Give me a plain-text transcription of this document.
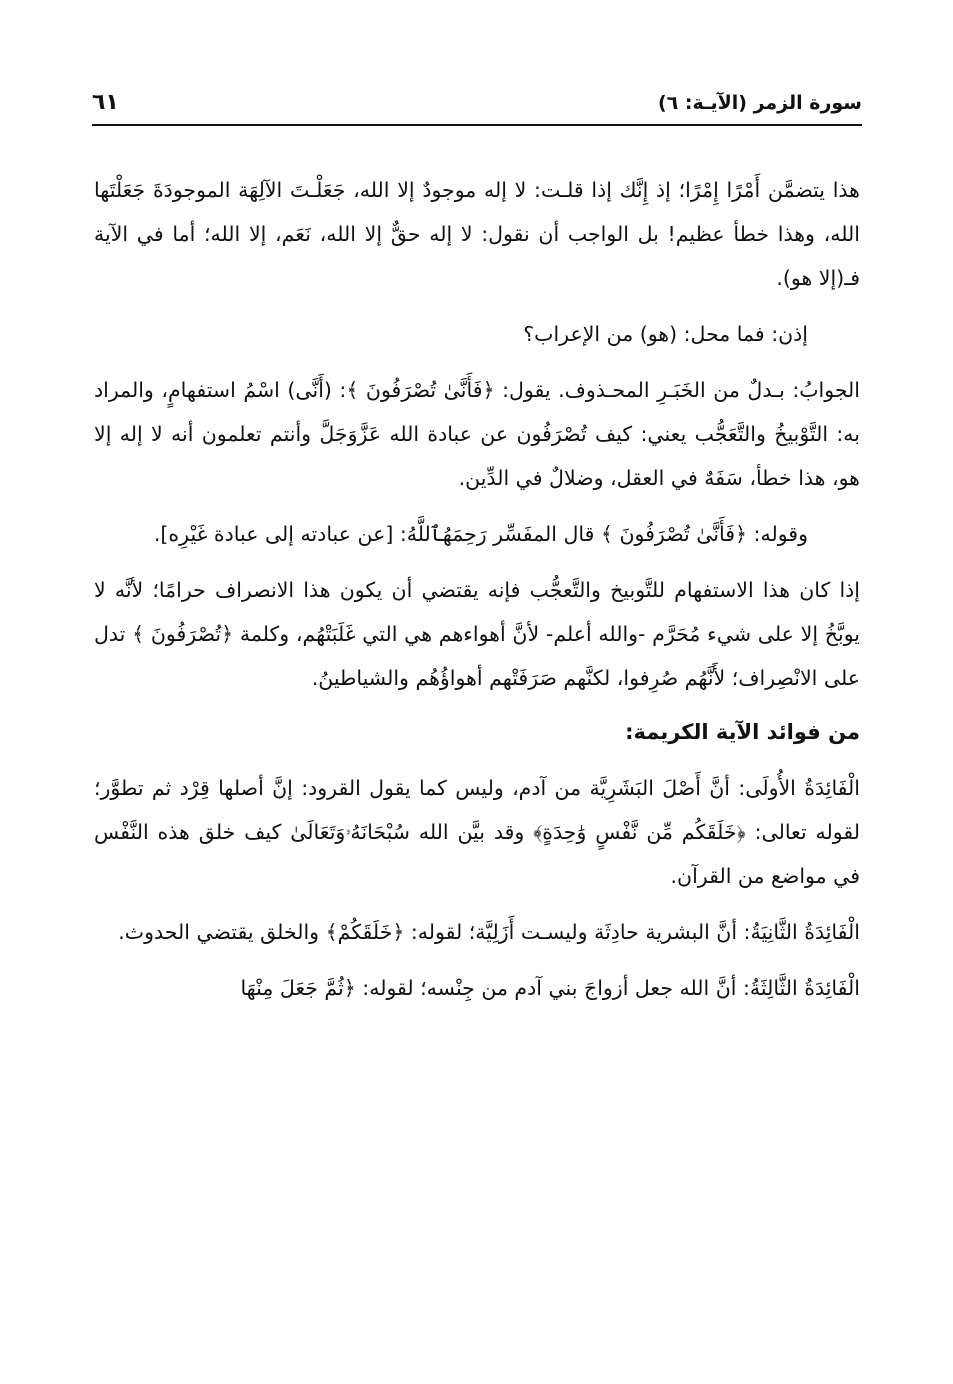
سورة الزمر (الآيـة: ٦)
٦١

هذا يتضمَّن أَمْرًا إِمْرًا؛ إذ إِنَّك إذا قلـت: لا إله موجودٌ إلا الله، جَعَلْـتَ الآلِهَة الموجودَةَ جَعَلْتَها الله، وهذا خطأ عظيم! بل الواجب أن نقول: لا إله حقٌّ إلا الله، نَعَم، إلا الله؛ أما في الآية فـ(إلا هو).

إذن: فما محل: (هو) من الإعراب؟

الجوابُ: بـدلٌ من الخَبَـرِ المحـذوف. يقول: ﴿فَأَنَّىٰ تُصْرَفُونَ ﴾: (أَنَّى) اسْمُ استفهامٍ، والمراد به: التَّوْبيخُ والتَّعَجُّب يعني: كيف تُصْرَفُون عن عبادة الله عَزَّوَجَلَّ وأنتم تعلمون أنه لا إله إلا هو، هذا خطأ، سَفَهٌ في العقل، وضلالٌ في الدِّين.

وقوله: ﴿فَأَنَّىٰ تُصْرَفُونَ ﴾ قال المفَسِّر رَحِمَهُٱللَّهُ: [عن عبادته إلى عبادة غَيْرِه].

إذا كان هذا الاستفهام للتَّوبيخ والتَّعجُّب فإنه يقتضي أن يكون هذا الانصراف حرامًا؛ لأنَّه لا يوبَّخُ إلا على شيء مُحَرَّم -والله أعلم- لأنَّ أهواءهم هي التي غَلَبَتْهُم، وكلمة ﴿تُصْرَفُونَ ﴾ تدل على الانْصِراف؛ لأَنَّهُم صُرِفوا، لكنَّهم صَرَفَتْهم أهواؤُهُم والشياطينُ.

من فوائد الآية الكريمة:

الْفَائِدَةُ الأُولَى: أنَّ أَصْلَ البَشَرِيَّة من آدم، وليس كما يقول القرود: إنَّ أصلها قِرْد ثم تطوَّر؛ لقوله تعالى: ﴿خَلَقَكُم مِّن نَّفْسٍ وَٰحِدَةٍ﴾ وقد بيَّن الله سُبْحَانَهُۥوَتَعَالَىٰ كيف خلق هذه النَّفْس في مواضع من القرآن.

الْفَائِدَةُ الثَّانِيَةُ: أنَّ البشرية حادِثَة وليسـت أَزَلِيَّة؛ لقوله: ﴿خَلَقَكُمْ﴾ والخلق يقتضي الحدوث.

الْفَائِدَةُ الثَّالِثَةُ: أنَّ الله جعل أزواجَ بني آدم من جِنْسه؛ لقوله: ﴿ثُمَّ جَعَلَ مِنْهَا
